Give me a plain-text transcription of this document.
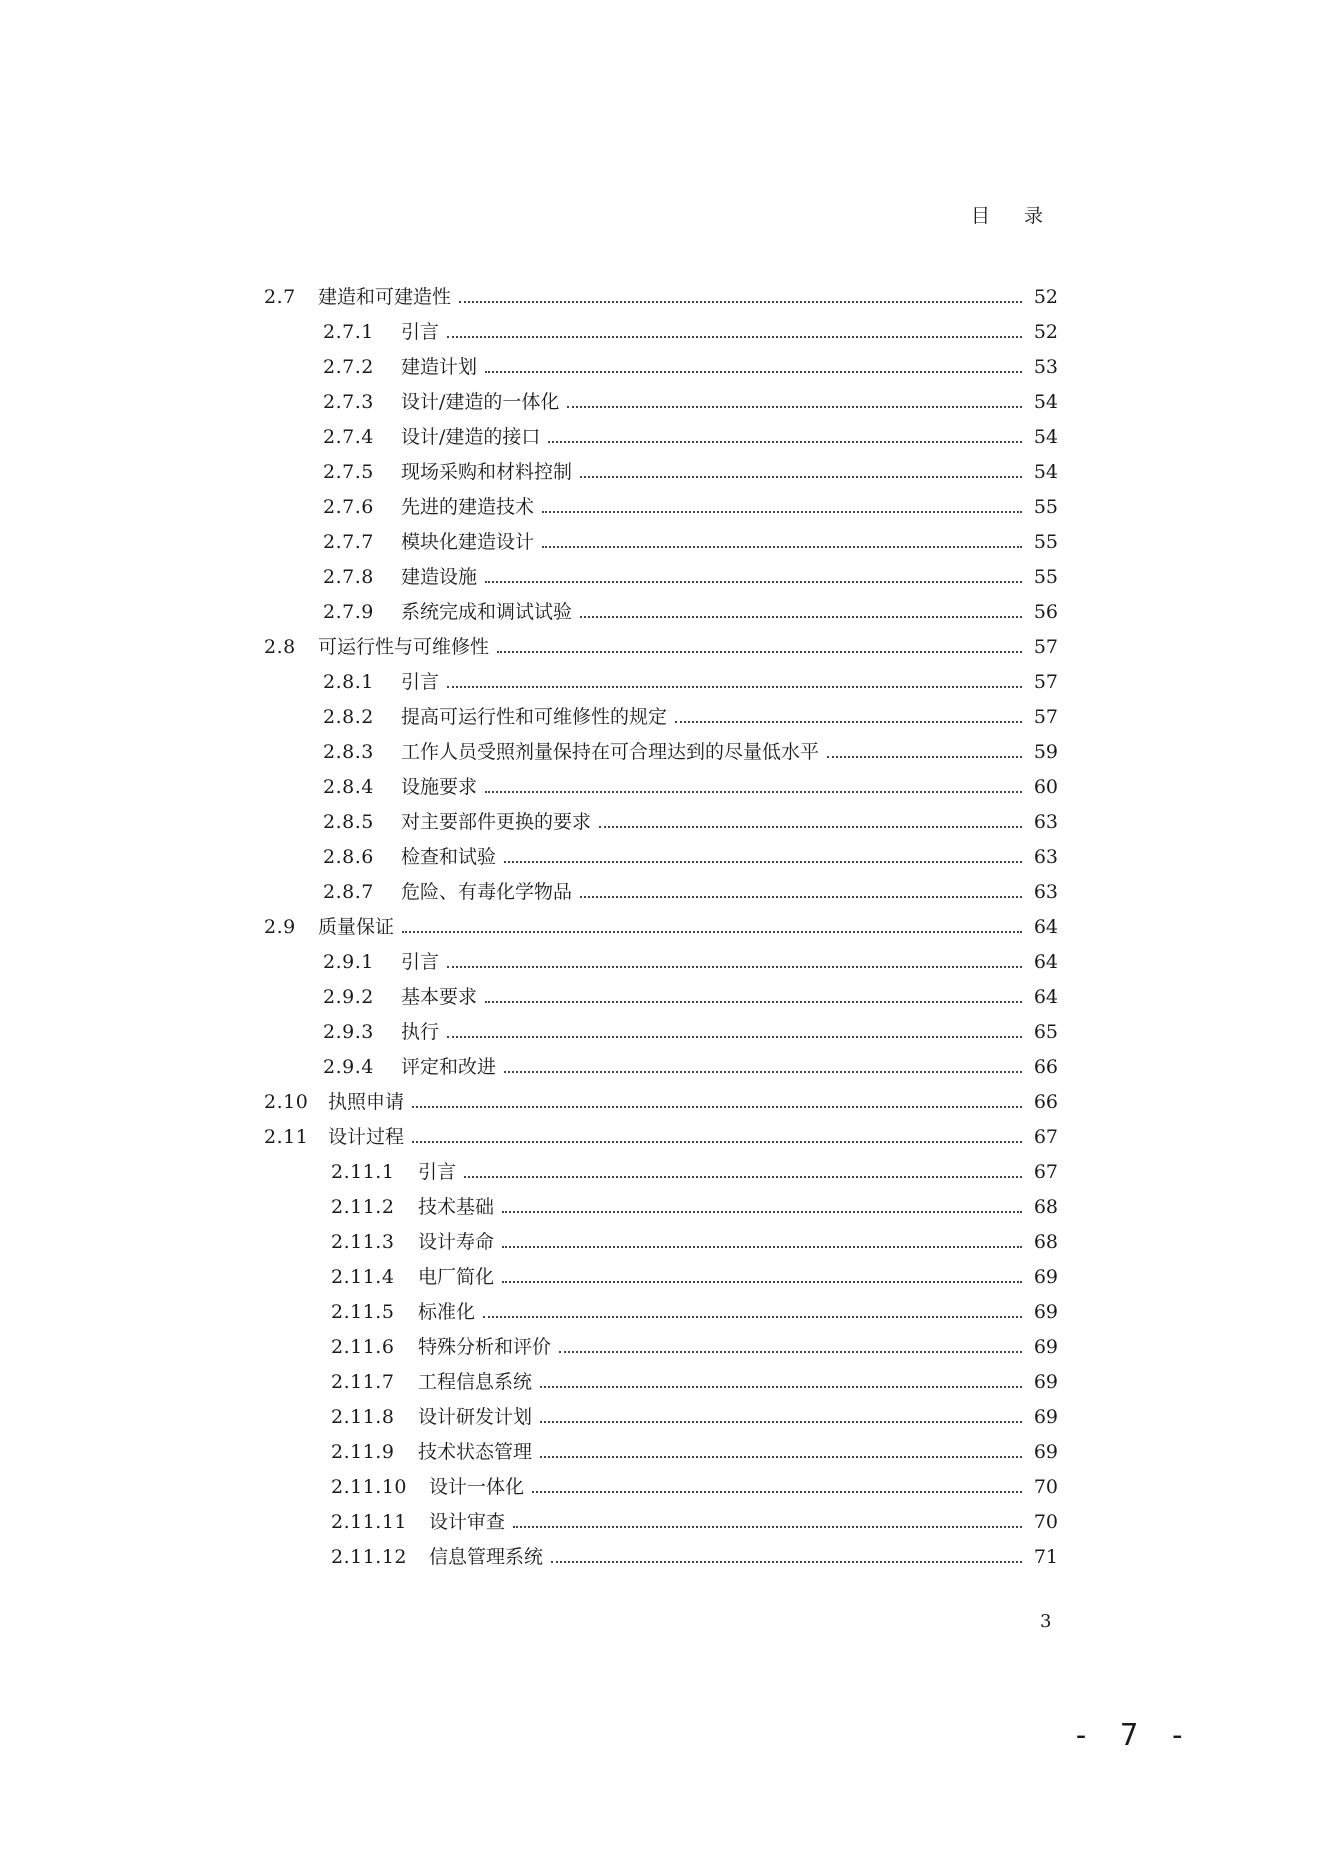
目 录
2.7	建造和可建造性	52
2.7.1	引言	52
2.7.2	建造计划	53
2.7.3	设计/建造的一体化	54
2.7.4	设计/建造的接口	54
2.7.5	现场采购和材料控制	54
2.7.6	先进的建造技术	55
2.7.7	模块化建造设计	55
2.7.8	建造设施	55
2.7.9	系统完成和调试试验	56
2.8	可运行性与可维修性	57
2.8.1	引言	57
2.8.2	提高可运行性和可维修性的规定	57
2.8.3	工作人员受照剂量保持在可合理达到的尽量低水平	59
2.8.4	设施要求	60
2.8.5	对主要部件更换的要求	63
2.8.6	检查和试验	63
2.8.7	危险、有毒化学物品	63
2.9	质量保证	64
2.9.1	引言	64
2.9.2	基本要求	64
2.9.3	执行	65
2.9.4	评定和改进	66
2.10	执照申请	66
2.11	设计过程	67
2.11.1	引言	67
2.11.2	技术基础	68
2.11.3	设计寿命	68
2.11.4	电厂简化	69
2.11.5	标准化	69
2.11.6	特殊分析和评价	69
2.11.7	工程信息系统	69
2.11.8	设计研发计划	69
2.11.9	技术状态管理	69
2.11.10	设计一体化	70
2.11.11	设计审查	70
2.11.12	信息管理系统	71
3
- 7 -
